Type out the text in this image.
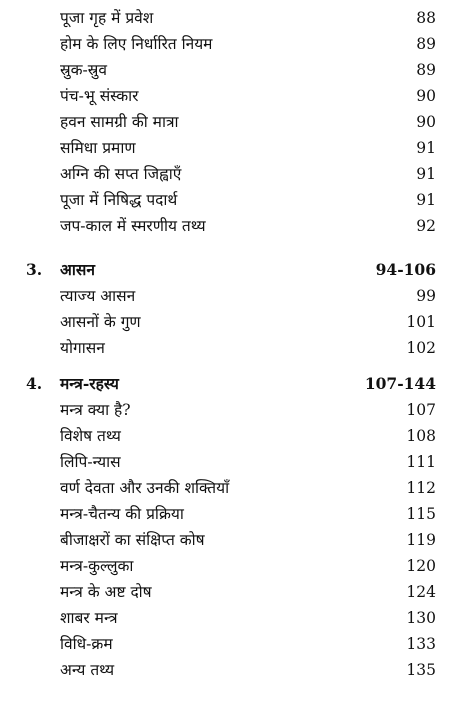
पूजा गृह में प्रवेश	88
होम के लिए निर्धारित नियम	89
स्रुक-स्रुव	89
पंच-भू संस्कार	90
हवन सामग्री की मात्रा	90
समिधा प्रमाण	91
अग्नि की सप्त जिह्वाएँ	91
पूजा में निषिद्ध पदार्थ	91
जप-काल में स्मरणीय तथ्य	92
3. आसन	94-106
त्याज्य आसन	99
आसनों के गुण	101
योगासन	102
4. मन्त्र-रहस्य	107-144
मन्त्र क्या है?	107
विशेष तथ्य	108
लिपि-न्यास	111
वर्ण देवता और उनकी शक्तियाँ	112
मन्त्र-चैतन्य की प्रक्रिया	115
बीजाक्षरों का संक्षिप्त कोष	119
मन्त्र-कुल्लुका	120
मन्त्र के अष्ट दोष	124
शाबर मन्त्र	130
विधि-क्रम	133
अन्य तथ्य	135
